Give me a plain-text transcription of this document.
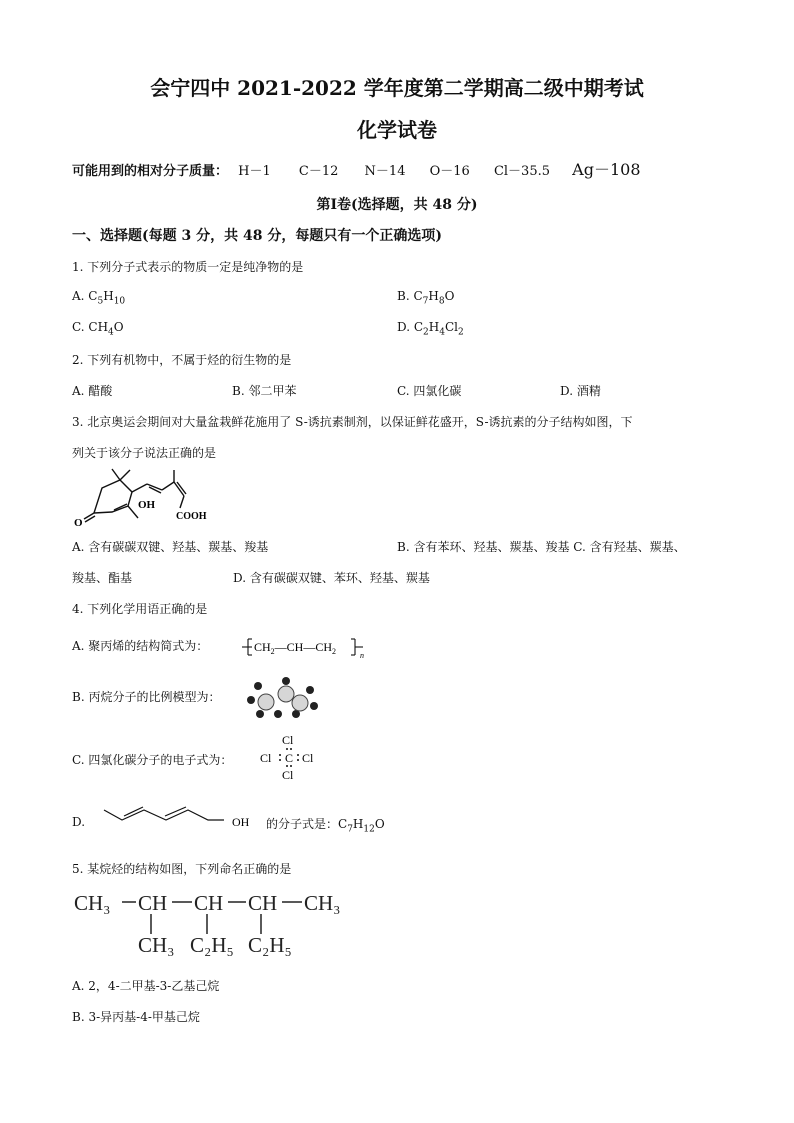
会宁四中 2021-2022 学年度第二学期高二级中期考试
化学试卷
可能用到的相对分子质量： H－1 C－12 N－14 O－16 Cl－35.5 Ag－108
第Ⅰ卷(选择题，共 48 分)
一、选择题(每题 3 分，共 48 分，每题只有一个正确选项)
1. 下列分子式表示的物质一定是纯净物的是
A. $C_5H_{10}$	B. $C_7H_8O$
C. $CH_4O$	D. $C_2H_4Cl_2$
2. 下列有机物中，不属于烃的衍生物的是
A. 醋酸	B. 邻二甲苯	C. 四氯化碳	D. 酒精
3. 北京奥运会期间对大量盆栽鲜花施用了 S-诱抗素制剂，以保证鲜花盛开，S-诱抗素的分子结构如图，下
列关于该分子说法正确的是
OH
COOH
O
A. 含有碳碳双键、羟基、羰基、羧基	B. 含有苯环、羟基、羰基、羧基 C. 含有羟基、羰基、
羧基、酯基	D. 含有碳碳双键、苯环、羟基、羰基
4. 下列化学用语正确的是
A. 聚丙烯的结构简式为：	$CH_2—CH—CH_2$	n
B. 丙烷分子的比例模型为：
C. 四氯化碳分子的电子式为：
Cl
Cl C Cl
Cl
D.	OH 的分子式是：$C_7H_{12}O$
5. 某烷烃的结构如图，下列命名正确的是
CH₃ CH CH CH CH₃
CH₃ C₂H₅ C₂H₅
A. 2，4-二甲基-3-乙基己烷
B. 3-异丙基-4-甲基己烷
